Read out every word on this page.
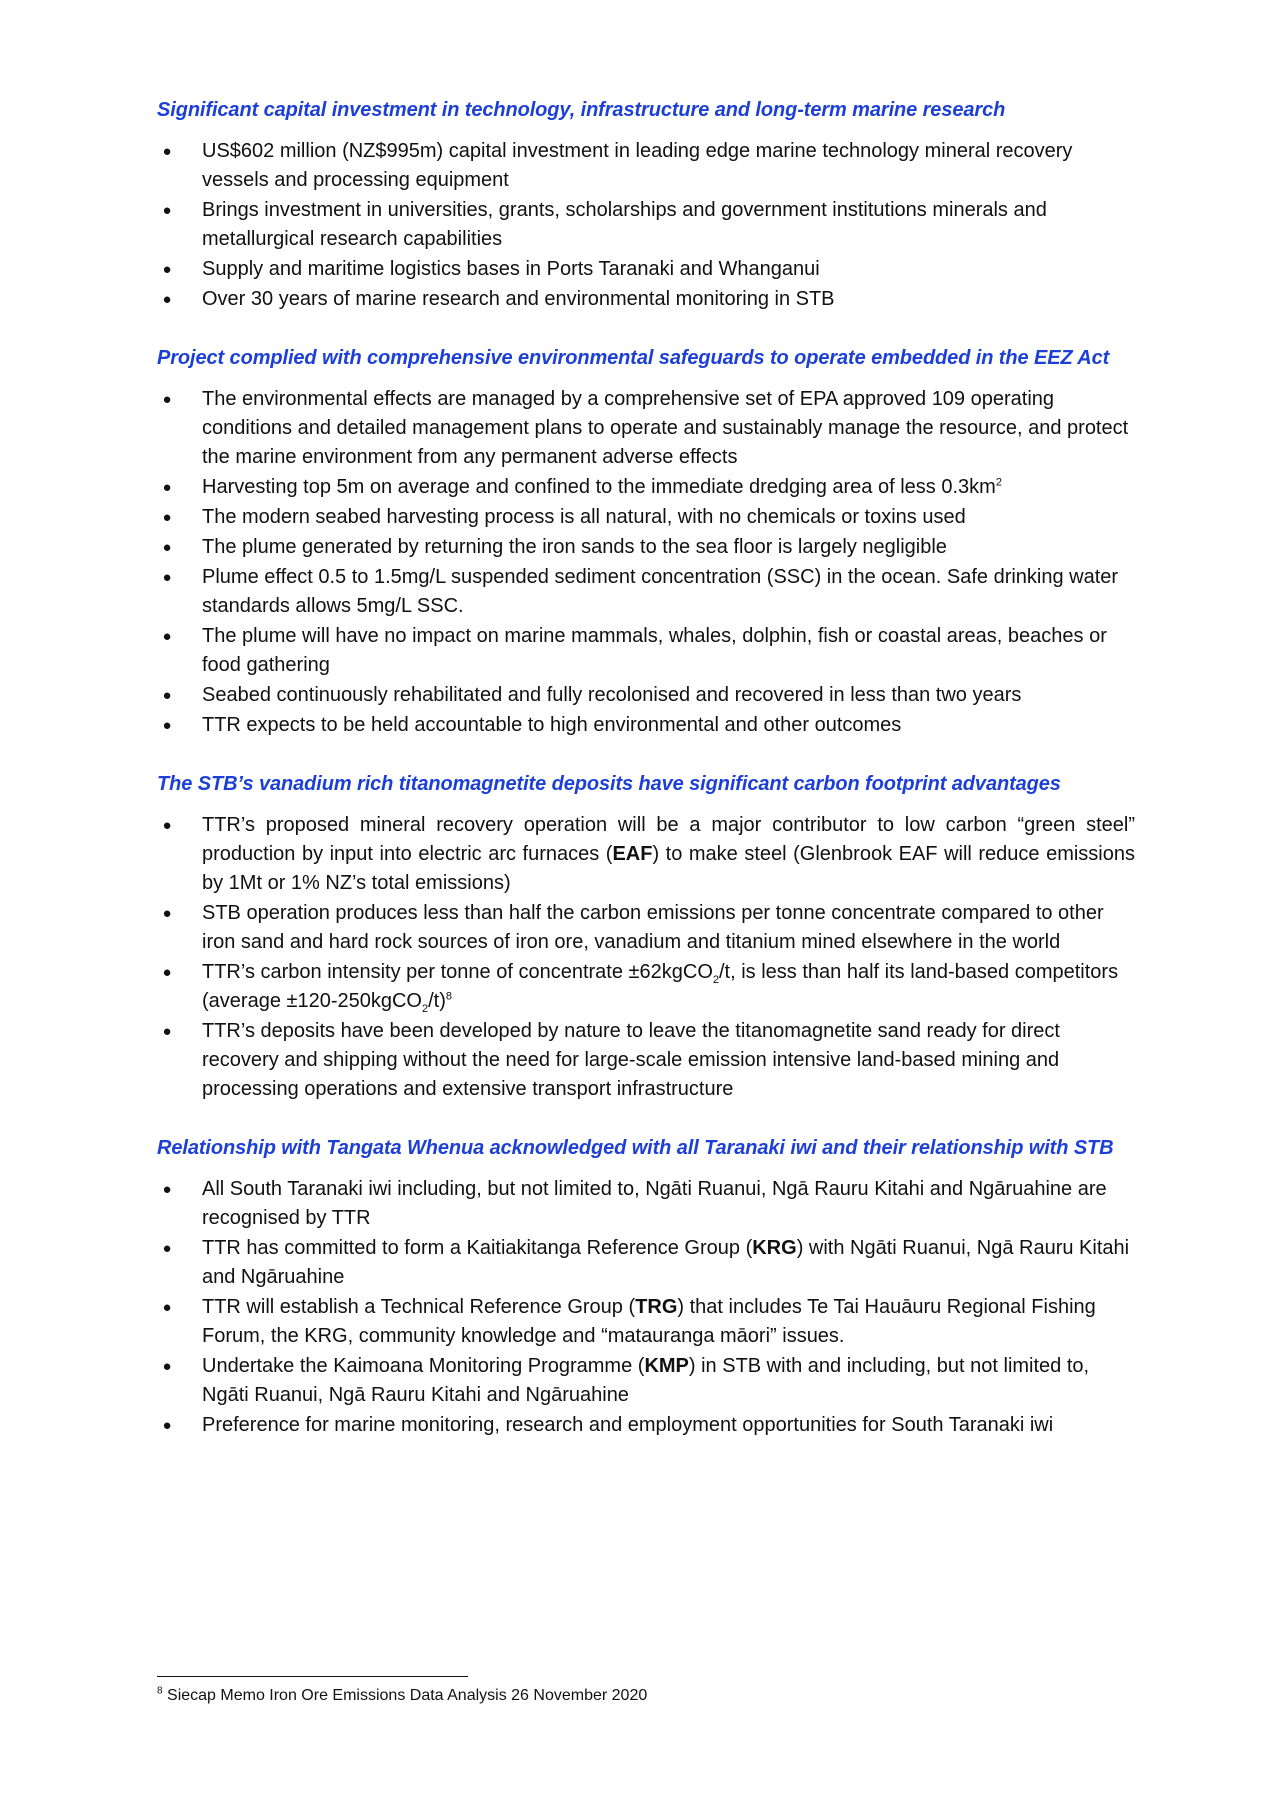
Significant capital investment in technology, infrastructure and long-term marine research

● US$602 million (NZ$995m) capital investment in leading edge marine technology mineral recovery vessels and processing equipment
● Brings investment in universities, grants, scholarships and government institutions minerals and metallurgical research capabilities
● Supply and maritime logistics bases in Ports Taranaki and Whanganui
● Over 30 years of marine research and environmental monitoring in STB

Project complied with comprehensive environmental safeguards to operate embedded in the EEZ Act

● The environmental effects are managed by a comprehensive set of EPA approved 109 operating conditions and detailed management plans to operate and sustainably manage the resource, and protect the marine environment from any permanent adverse effects
● Harvesting top 5m on average and confined to the immediate dredging area of less $0.3km^2$
● The modern seabed harvesting process is all natural, with no chemicals or toxins used
● The plume generated by returning the iron sands to the sea floor is largely negligible
● Plume effect 0.5 to 1.5mg/L suspended sediment concentration (SSC) in the ocean. Safe drinking water standards allows 5mg/L SSC.
● The plume will have no impact on marine mammals, whales, dolphin, fish or coastal areas, beaches or food gathering
● Seabed continuously rehabilitated and fully recolonised and recovered in less than two years
● TTR expects to be held accountable to high environmental and other outcomes

The STB’s vanadium rich titanomagnetite deposits have significant carbon footprint advantages

● TTR’s proposed mineral recovery operation will be a major contributor to low carbon “green steel” production by input into electric arc furnaces (EAF) to make steel (Glenbrook EAF will reduce emissions by 1Mt or 1% NZ’s total emissions)
● STB operation produces less than half the carbon emissions per tonne concentrate compared to other iron sand and hard rock sources of iron ore, vanadium and titanium mined elsewhere in the world
● TTR’s carbon intensity per tonne of concentrate ±62kgCO$_2$/t, is less than half its land-based competitors (average ±120-250kgCO$_2$/t)$^8$
● TTR’s deposits have been developed by nature to leave the titanomagnetite sand ready for direct recovery and shipping without the need for large-scale emission intensive land-based mining and processing operations and extensive transport infrastructure

Relationship with Tangata Whenua acknowledged with all Taranaki iwi and their relationship with STB

● All South Taranaki iwi including, but not limited to, Ngāti Ruanui, Ngā Rauru Kitahi and Ngāruahine are recognised by TTR
● TTR has committed to form a Kaitiakitanga Reference Group (KRG) with Ngāti Ruanui, Ngā Rauru Kitahi and Ngāruahine
● TTR will establish a Technical Reference Group (TRG) that includes Te Tai Hauāuru Regional Fishing Forum, the KRG, community knowledge and “matauranga māori” issues.
● Undertake the Kaimoana Monitoring Programme (KMP) in STB with and including, but not limited to, Ngāti Ruanui, Ngā Rauru Kitahi and Ngāruahine
● Preference for marine monitoring, research and employment opportunities for South Taranaki iwi
$^8$ Siecap Memo Iron Ore Emissions Data Analysis 26 November 2020
